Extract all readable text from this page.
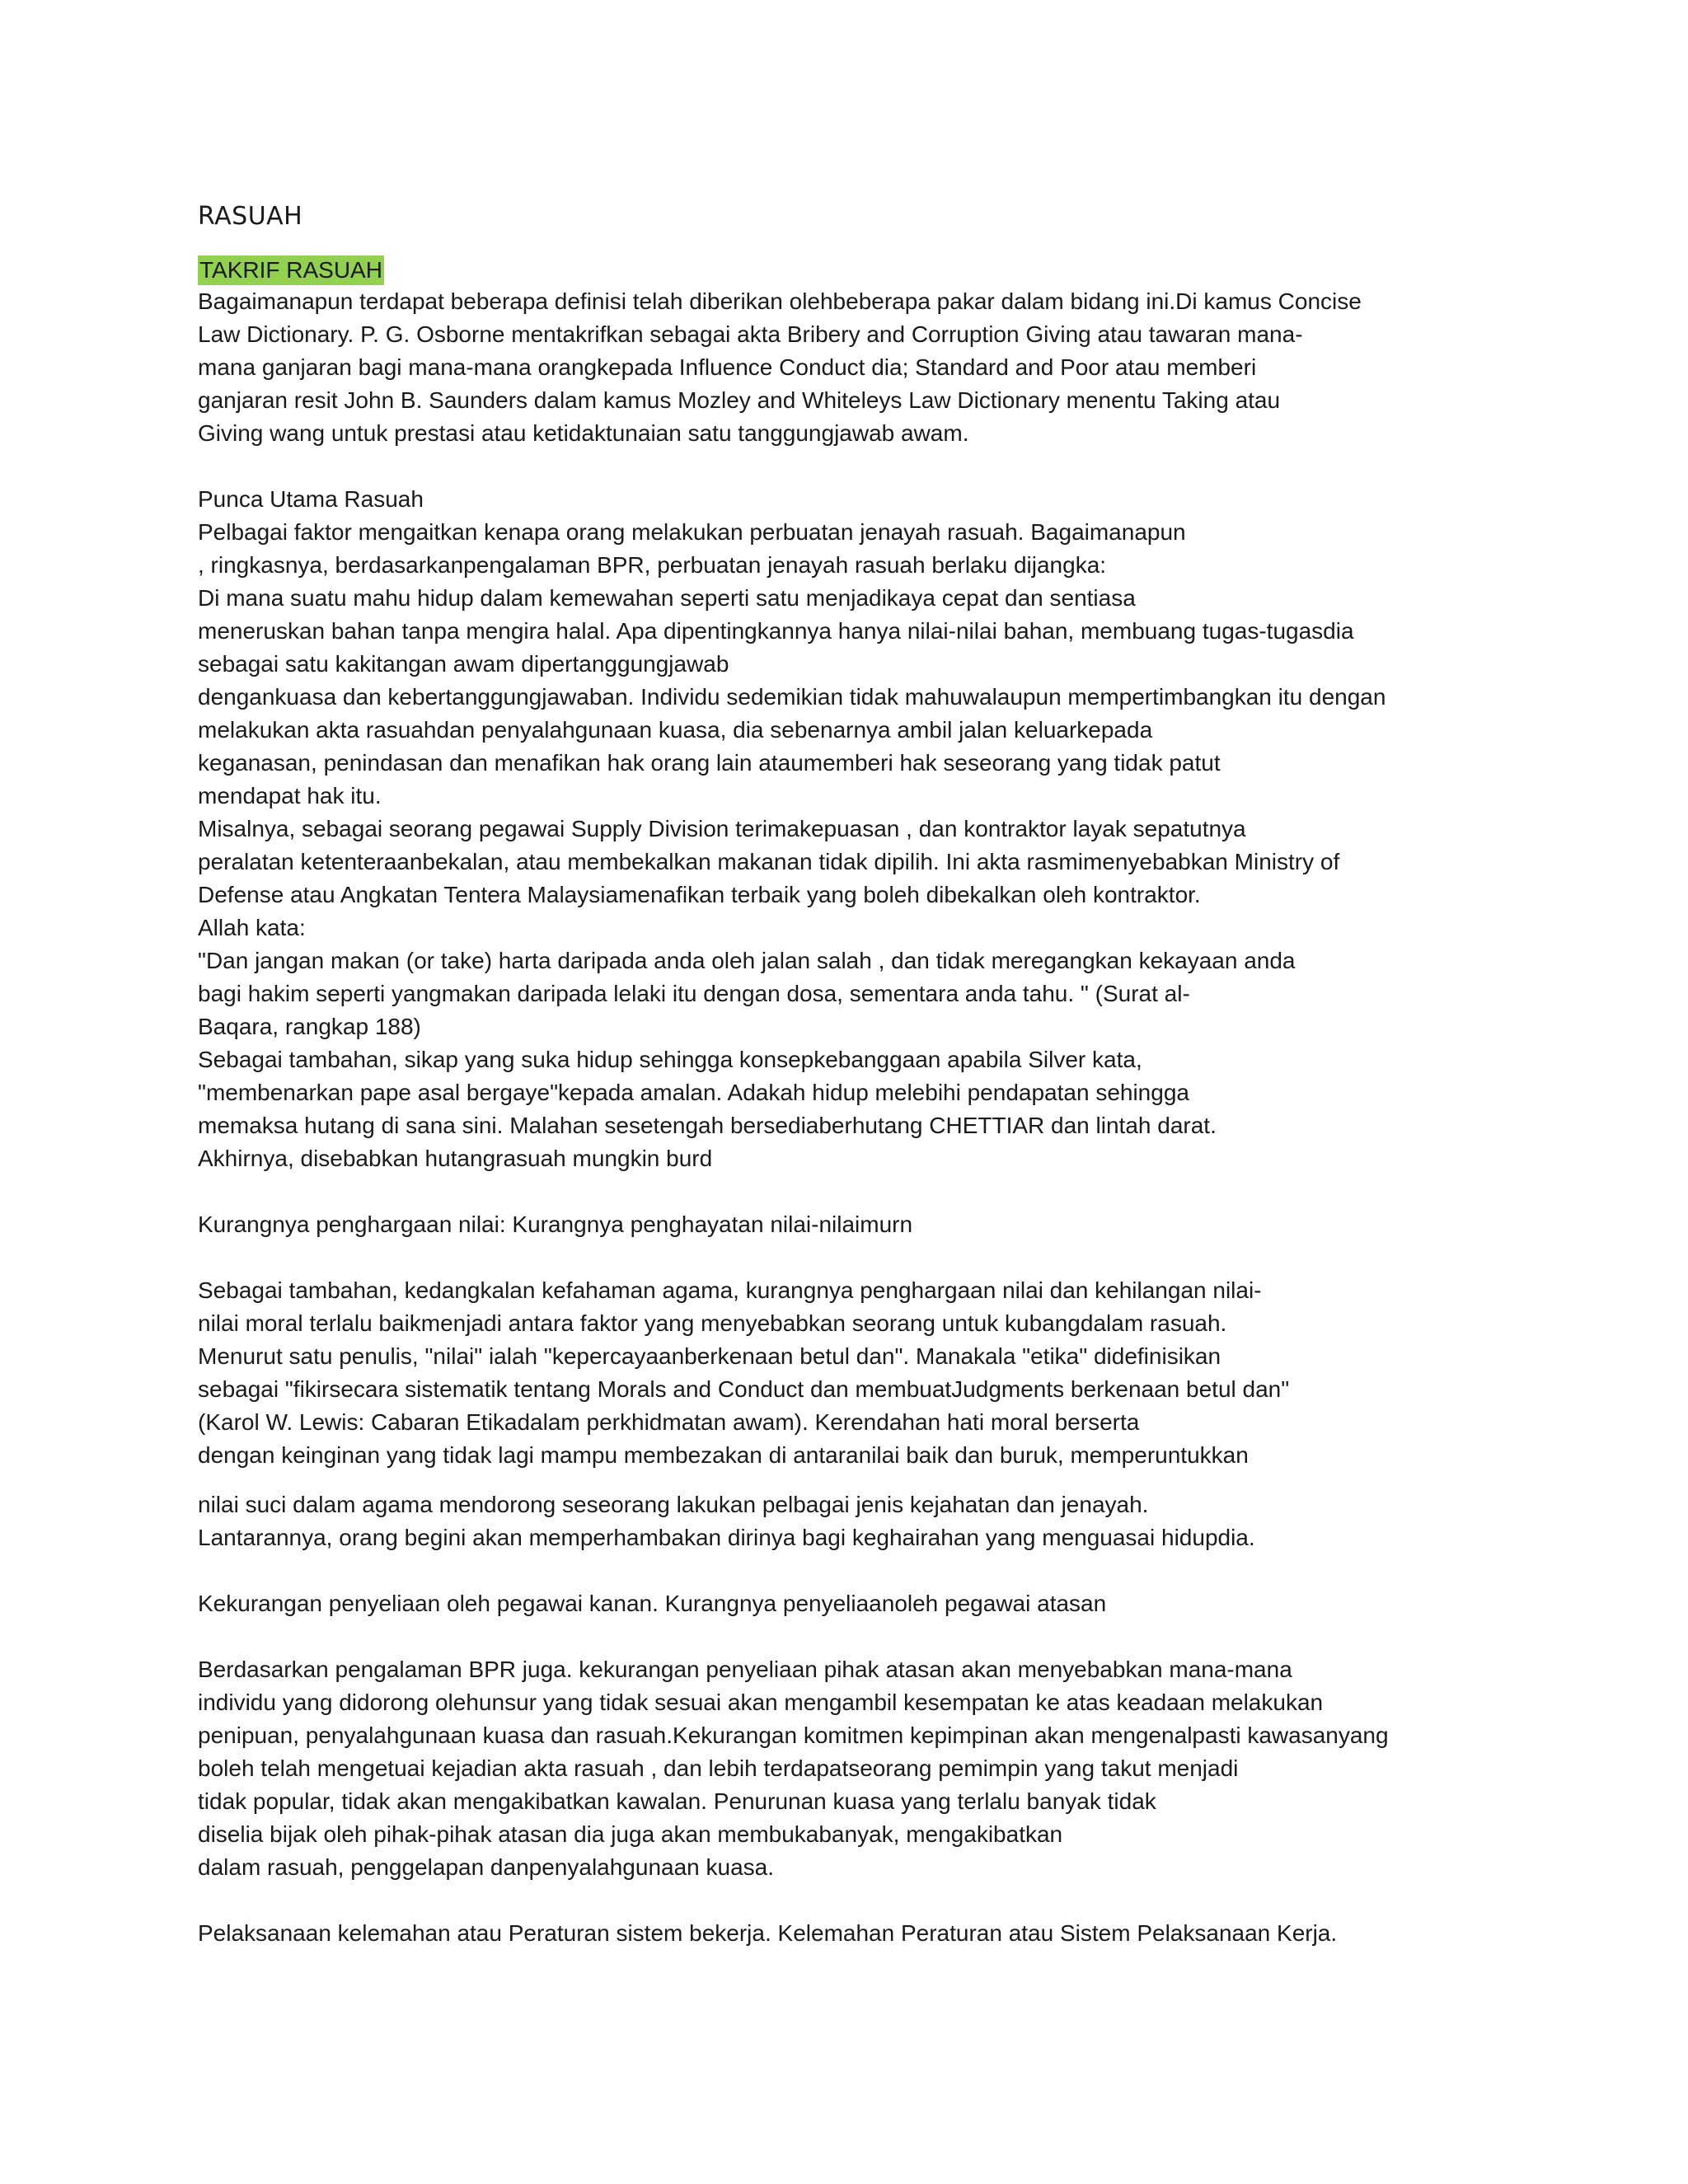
RASUAH
TAKRIF RASUAH
Bagaimanapun terdapat beberapa definisi telah diberikan olehbeberapa pakar dalam bidang ini.Di kamus Concise
Law Dictionary. P. G. Osborne mentakrifkan sebagai akta Bribery and Corruption Giving atau tawaran mana-
mana ganjaran bagi mana-mana orangkepada Influence Conduct dia; Standard and Poor atau memberi
ganjaran resit John B. Saunders dalam kamus Mozley and Whiteleys Law Dictionary menentu Taking atau
Giving wang untuk prestasi atau ketidaktunaian satu tanggungjawab awam.
Punca Utama Rasuah
Pelbagai faktor mengaitkan kenapa orang melakukan perbuatan jenayah rasuah. Bagaimanapun
, ringkasnya, berdasarkanpengalaman BPR, perbuatan jenayah rasuah berlaku dijangka:
Di mana suatu mahu hidup dalam kemewahan seperti satu menjadikaya cepat dan sentiasa
meneruskan bahan tanpa mengira halal. Apa dipentingkannya hanya nilai-nilai bahan, membuang tugas-tugasdia
sebagai satu kakitangan awam dipertanggungjawab
dengankuasa dan kebertanggungjawaban. Individu sedemikian tidak mahuwalaupun mempertimbangkan itu dengan
melakukan akta rasuahdan penyalahgunaan kuasa, dia sebenarnya ambil jalan keluarkepada
keganasan, penindasan dan menafikan hak orang lain ataumemberi hak seseorang yang tidak patut
mendapat hak itu.
Misalnya, sebagai seorang pegawai Supply Division terimakepuasan , dan kontraktor layak sepatutnya
peralatan ketenteraanbekalan, atau membekalkan makanan tidak dipilih. Ini akta rasmimenyebabkan Ministry of
Defense atau Angkatan Tentera Malaysiamenafikan terbaik yang boleh dibekalkan oleh kontraktor.
Allah kata:
"Dan jangan makan (or take) harta daripada anda oleh jalan salah , dan tidak meregangkan kekayaan anda
bagi hakim seperti yangmakan daripada lelaki itu dengan dosa, sementara anda tahu. " (Surat al-
Baqara, rangkap 188)
Sebagai tambahan, sikap yang suka hidup sehingga konsepkebanggaan apabila Silver kata,
"membenarkan pape asal bergaye"kepada amalan. Adakah hidup melebihi pendapatan sehingga
memaksa hutang di sana sini. Malahan sesetengah bersediaberhutang CHETTIAR dan lintah darat.
Akhirnya, disebabkan hutangrasuah mungkin burd
Kurangnya penghargaan nilai: Kurangnya penghayatan nilai-nilaimurn
Sebagai tambahan, kedangkalan kefahaman agama, kurangnya penghargaan nilai dan kehilangan nilai-
nilai moral terlalu baikmenjadi antara faktor yang menyebabkan seorang untuk kubangdalam rasuah.
Menurut satu penulis, "nilai" ialah "kepercayaanberkenaan betul dan". Manakala "etika" didefinisikan
sebagai "fikirsecara sistematik tentang Morals and Conduct dan membuatJudgments berkenaan betul dan"
(Karol W. Lewis: Cabaran Etikadalam perkhidmatan awam). Kerendahan hati moral berserta
dengan keinginan yang tidak lagi mampu membezakan di antaranilai baik dan buruk, memperuntukkan
nilai suci dalam agama mendorong seseorang lakukan pelbagai jenis kejahatan dan jenayah.
Lantarannya, orang begini akan memperhambakan dirinya bagi keghairahan yang menguasai hidupdia.
Kekurangan penyeliaan oleh pegawai kanan. Kurangnya penyeliaanoleh pegawai atasan
Berdasarkan pengalaman BPR juga. kekurangan penyeliaan pihak atasan akan menyebabkan mana-mana
individu yang didorong olehunsur yang tidak sesuai akan mengambil kesempatan ke atas keadaan melakukan
penipuan, penyalahgunaan kuasa dan rasuah.Kekurangan komitmen kepimpinan akan mengenalpasti kawasanyang
boleh telah mengetuai kejadian akta rasuah , dan lebih terdapatseorang pemimpin yang takut menjadi
tidak popular, tidak akan mengakibatkan kawalan. Penurunan kuasa yang terlalu banyak tidak
diselia bijak oleh pihak-pihak atasan dia juga akan membukabanyak, mengakibatkan
dalam rasuah, penggelapan danpenyalahgunaan kuasa.
Pelaksanaan kelemahan atau Peraturan sistem bekerja. Kelemahan Peraturan atau Sistem Pelaksanaan Kerja.
